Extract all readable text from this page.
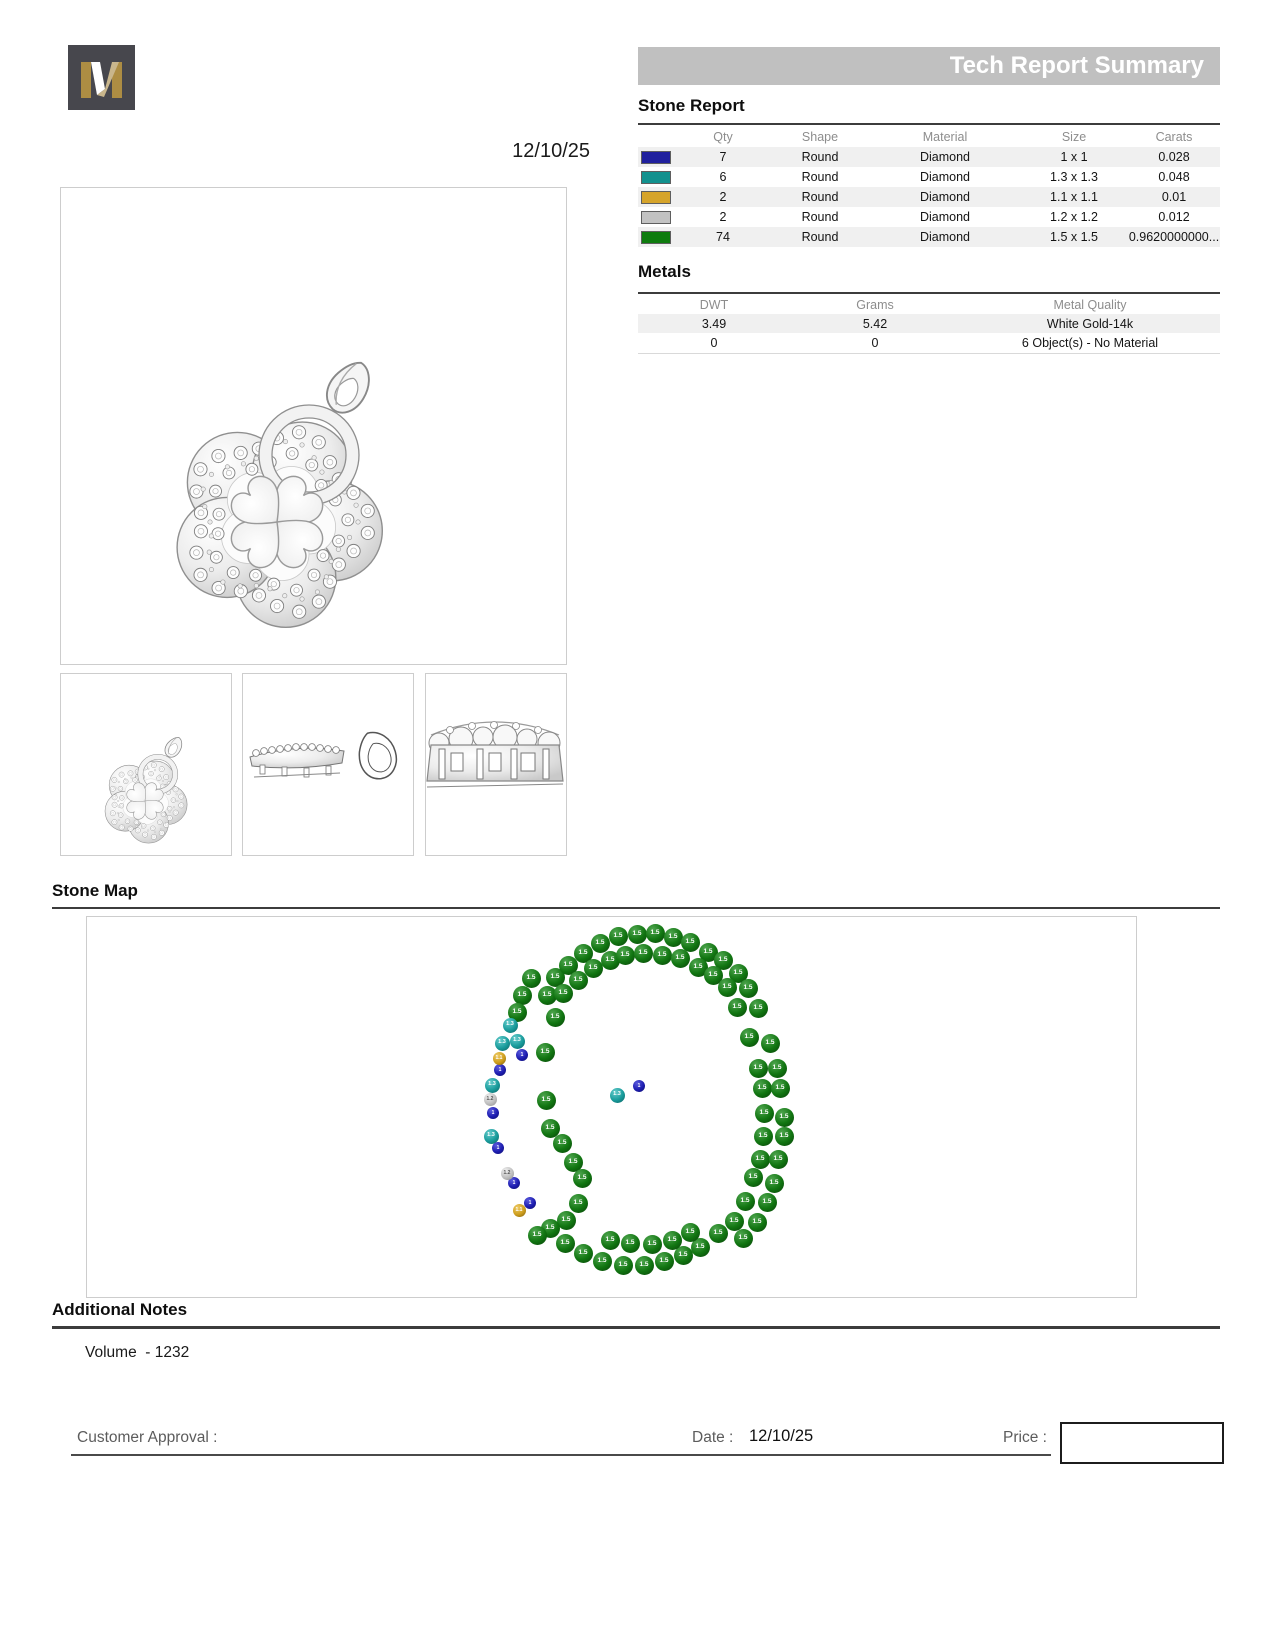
12/10/25
Tech Report Summary
Stone Report
Qty	Shape	Material	Size	Carats
7	Round	Diamond	1 x 1	0.028
6	Round	Diamond	1.3 x 1.3	0.048
2	Round	Diamond	1.1 x 1.1	0.01
2	Round	Diamond	1.2 x 1.2	0.012
74	Round	Diamond	1.5 x 1.5	0.9620000000...
Metals
DWT	Grams	Metal Quality
3.49	5.42	White Gold-14k
0	0	6 Object(s) - No Material
Stone Map
1.5
1.5
1.5
1.5
1.5
1.5
1.5
1.5
1.5	1.5	1.5
1.5
1.5
1.5
1.5
1.5
1.5
1.5
1.5
1.5
1.5
1.5
1.5	1.5	1.5	1.5
1.5
1.5
1.5
1.5
1.5
1.5
1.5
1.5
1.5
1.5
1.5
1.5
1.5
1.5
1.5
1.5
1.5	1.5
1.5	1.5
1.5
1.5
1.5	1.5
1.5	1.5
1.5
1.5
1.5	1.5
1.5	1.5
1.5
1.5
1.5
1.5
1.5
1.5
1.5
1.5
1.5
1.5	1.5	1.5	1.5
1.5
1.5
1.5
1.3
1.3
1.3
1.3
1.3
1.3
1
1
1
1
1
1
1
1.1
1.1
1.2
1.2
Additional Notes
Volume  - 1232
Customer Approval :	Date : 12/10/25	Price :
